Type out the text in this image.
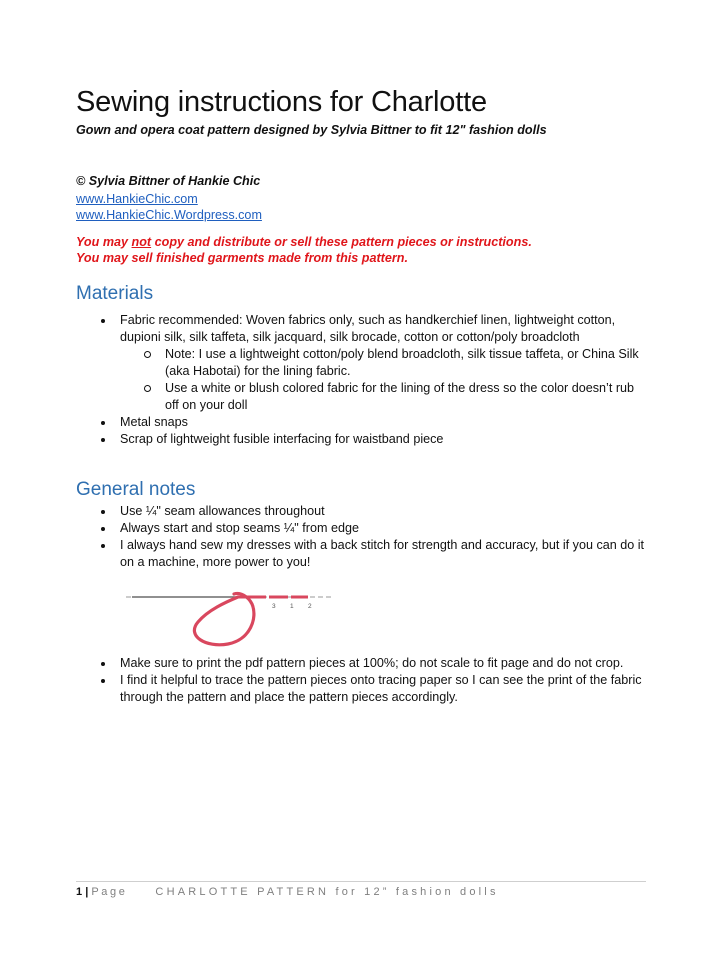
Sewing instructions for Charlotte

Gown and opera coat pattern designed by Sylvia Bittner to fit 12" fashion dolls

© Sylvia Bittner of Hankie Chic

www.HankieChic.com
www.HankieChic.Wordpress.com

You may not copy and distribute or sell these pattern pieces or instructions.

You may sell finished garments made from this pattern.

Materials
Fabric recommended: Woven fabrics only, such as handkerchief linen, lightweight cotton, dupioni silk, silk taffeta, silk jacquard, silk brocade, cotton or cotton/poly broadcloth
Note: I use a lightweight cotton/poly blend broadcloth, silk tissue taffeta, or China Silk (aka Habotai) for the lining fabric.
Use a white or blush colored fabric for the lining of the dress so the color doesn’t rub off on your doll
Metal snaps
Scrap of lightweight fusible interfacing for waistband piece
General notes
Use ¼" seam allowances throughout
Always start and stop seams ¼" from edge
I always hand sew my dresses with a back stitch for strength and accuracy, but if you can do it on a machine, more power to you!
3 1 2
Make sure to print the pdf pattern pieces at 100%; do not scale to fit page and do not crop.
I find it helpful to trace the pattern pieces onto tracing paper so I can see the print of the fabric through the pattern and place the pattern pieces accordingly.

1 | Page	CHARLOTTE PATTERN for 12” fashion dolls
